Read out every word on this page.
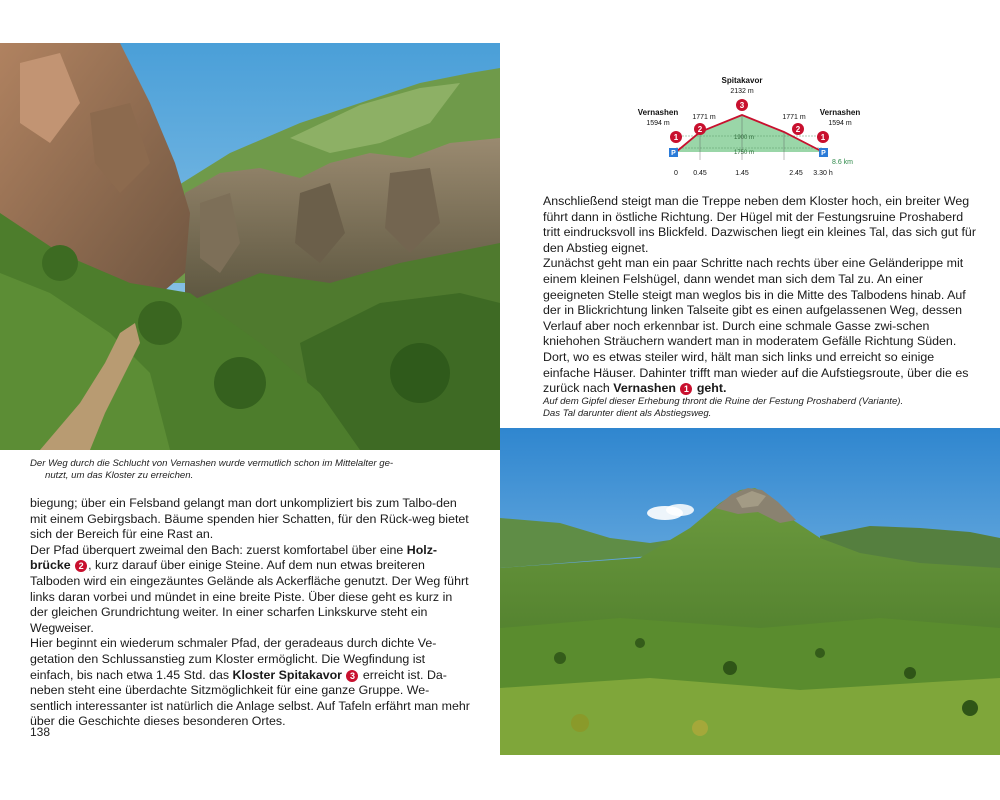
Der Weg durch die Schlucht von Vernashen wurde vermutlich schon im Mittelalter ge-
nutzt, um das Kloster zu erreichen.

biegung; über ein Felsband gelangt man dort unkompliziert bis zum Talbo-den mit einem Gebirgsbach. Bäume spenden hier Schatten, für den Rück-weg bietet sich der Bereich für eine Rast an.

Der Pfad überquert zweimal den Bach: zuerst komfortabel über eine Holz-brücke 2 , kurz darauf über einige Steine. Auf dem nun etwas breiteren Talboden wird ein eingezäuntes Gelände als Ackerfläche genutzt. Der Weg führt links daran vorbei und mündet in eine breite Piste. Über diese geht es kurz in der gleichen Grundrichtung weiter. In einer scharfen Linkskurve steht ein Wegweiser.

Hier beginnt ein wiederum schmaler Pfad, der geradeaus durch dichte Ve-getation den Schlussanstieg zum Kloster ermöglicht. Die Wegfindung ist einfach, bis nach etwa 1.45 Std. das Kloster Spitakavor 3 erreicht ist. Da-neben steht eine überdachte Sitzmöglichkeit für eine ganze Gruppe. We-sentlich interessanter ist natürlich die Anlage selbst. Auf Tafeln erfährt man mehr über die Geschichte dieses besonderen Ortes.

138
1900 m
1750 m
P	P
Spitakavor
2132 m
3
Vernashen
1594 m
1
Vernashen
1594 m
1
1771 m
2
1771 m
2
8.6 km
0 0.45	1.45	2.45 3.30 h

Anschließend steigt man die Treppe neben dem Kloster hoch, ein breiter Weg führt dann in östliche Richtung. Der Hügel mit der Festungsruine Proshaberd tritt eindrucksvoll ins Blickfeld. Dazwischen liegt ein kleines Tal, das sich gut für den Abstieg eignet.

Zunächst geht man ein paar Schritte nach rechts über eine Geländerippe mit einem kleinen Felshügel, dann wendet man sich dem Tal zu. An einer geeigneten Stelle steigt man weglos bis in die Mitte des Talbodens hinab. Auf der in Blickrichtung linken Talseite gibt es einen aufgelassenen Weg, dessen Verlauf aber noch erkennbar ist. Durch eine schmale Gasse zwi-schen kniehohen Sträuchern wandert man in moderatem Gefälle Richtung Süden. Dort, wo es etwas steiler wird, hält man sich links und erreicht so einige einfache Häuser. Dahinter trifft man wieder auf die Aufstiegsroute, über die es zurück nach Vernashen 1 geht.

Auf dem Gipfel dieser Erhebung thront die Ruine der Festung Proshaberd (Variante).
Das Tal darunter dient als Abstiegsweg.
